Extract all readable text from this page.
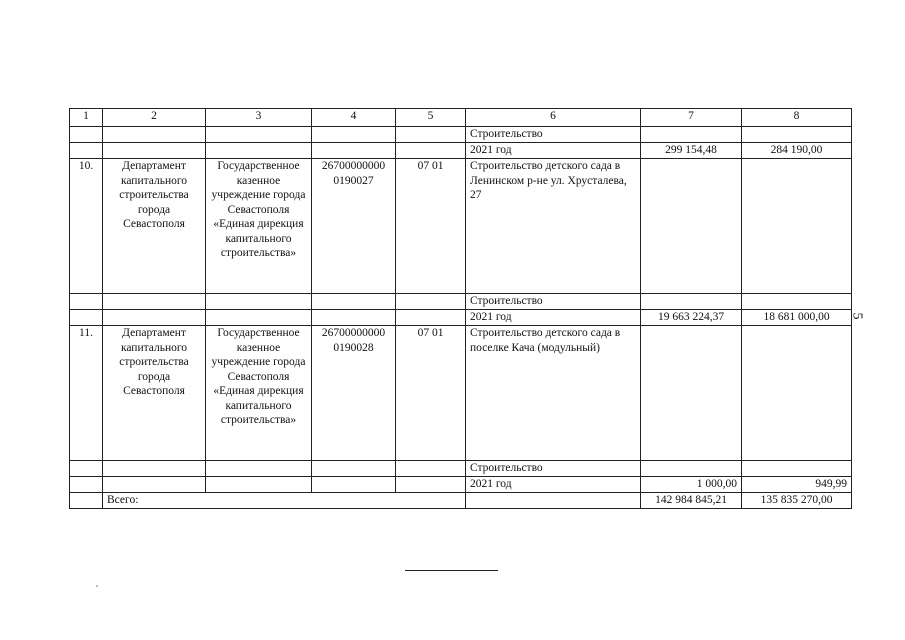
1	2	3	4	5	6	7	8
					Строительство		
					2021 год	299 154,48	284 190,00
10.	Департамент капитального строительства города Севастополя	Государственное казенное учреждение города Севастополя «Единая дирекция капитального строительства»	26700000000 0190027	07 01	Строительство детского сада в Ленинском р-не ул. Хрусталева, 27		
					Строительство		
					2021 год	19 663 224,37	18 681 000,00
11.	Департамент капитального строительства города Севастополя	Государственное казенное учреждение города Севастополя «Единая дирекция капитального строительства»	26700000000 0190028	07 01	Строительство детского сада в поселке Кача (модульный)		
					Строительство		
					2021 год	1 000,00	949,99
	Всего:					142 984 845,21	135 835 270,00
5
